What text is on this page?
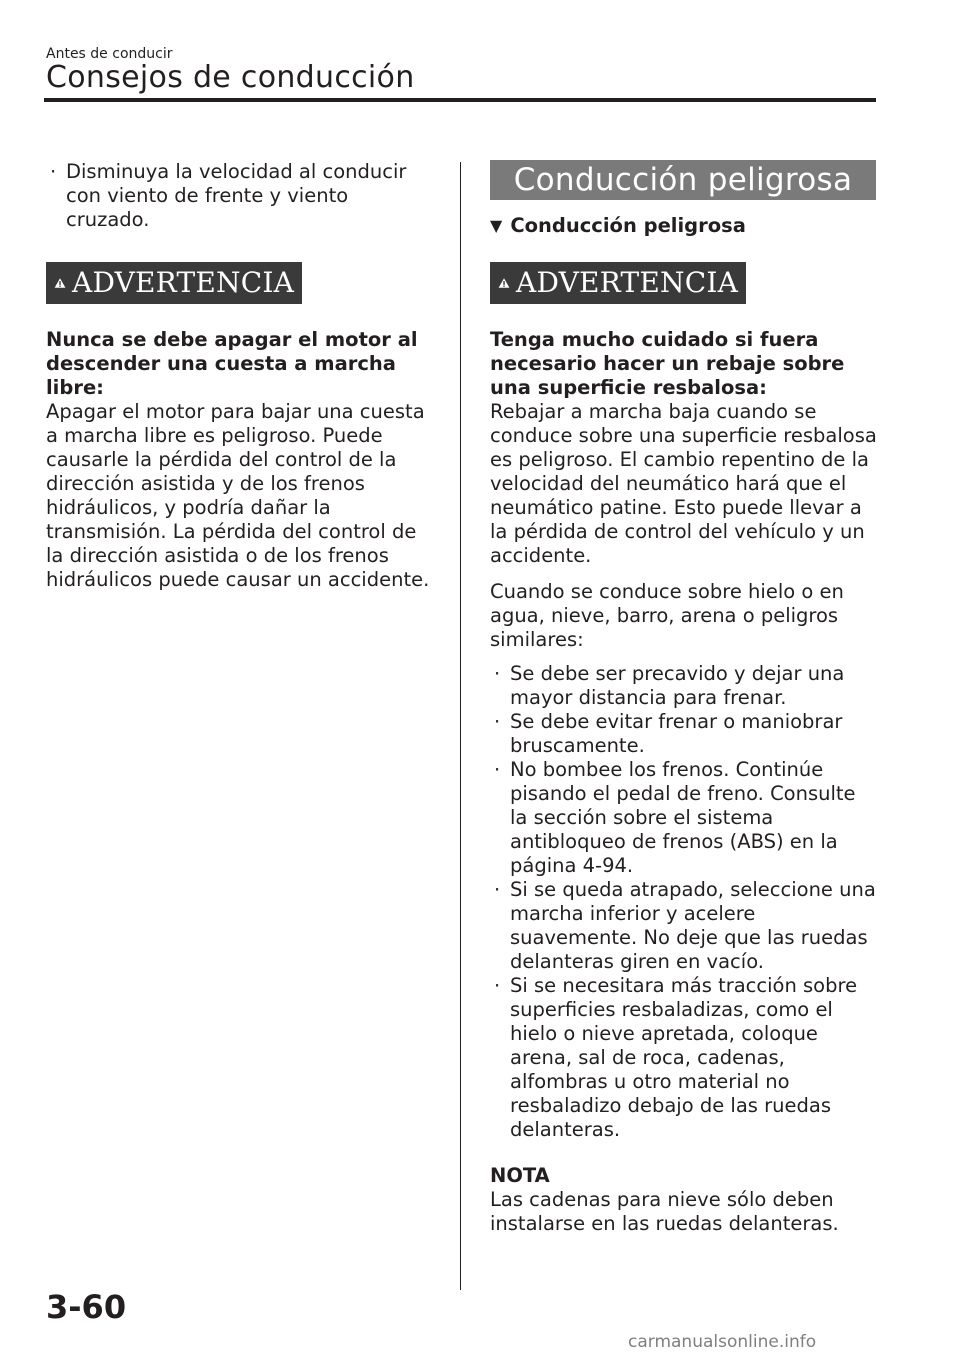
Antes de conducir
Consejos de conducción

· Disminuya la velocidad al conducir con viento de frente y viento cruzado.

ADVERTENCIA

Nunca se debe apagar el motor al descender una cuesta a marcha libre:

Apagar el motor para bajar una cuesta a marcha libre es peligroso. Puede causarle la pérdida del control de la dirección asistida y de los frenos hidráulicos, y podría dañar la transmisión. La pérdida del control de la dirección asistida o de los frenos hidráulicos puede causar un accidente.

Conducción peligrosa
▼ Conducción peligrosa
ADVERTENCIA

Tenga mucho cuidado si fuera necesario hacer un rebaje sobre una superficie resbalosa:

Rebajar a marcha baja cuando se conduce sobre una superficie resbalosa es peligroso. El cambio repentino de la velocidad del neumático hará que el neumático patine. Esto puede llevar a la pérdida de control del vehículo y un accidente.

Cuando se conduce sobre hielo o en agua, nieve, barro, arena o peligros similares:

· Se debe ser precavido y dejar una mayor distancia para frenar.

· Se debe evitar frenar o maniobrar bruscamente.

· No bombee los frenos. Continúe pisando el pedal de freno. Consulte la sección sobre el sistema antibloqueo de frenos (ABS) en la página 4-94.

· Si se queda atrapado, seleccione una marcha inferior y acelere suavemente. No deje que las ruedas delanteras giren en vacío.

· Si se necesitara más tracción sobre superficies resbaladizas, como el hielo o nieve apretada, coloque arena, sal de roca, cadenas, alfombras u otro material no resbaladizo debajo de las ruedas delanteras.

NOTA

Las cadenas para nieve sólo deben instalarse en las ruedas delanteras.

3-60
carmanualsonline.info
